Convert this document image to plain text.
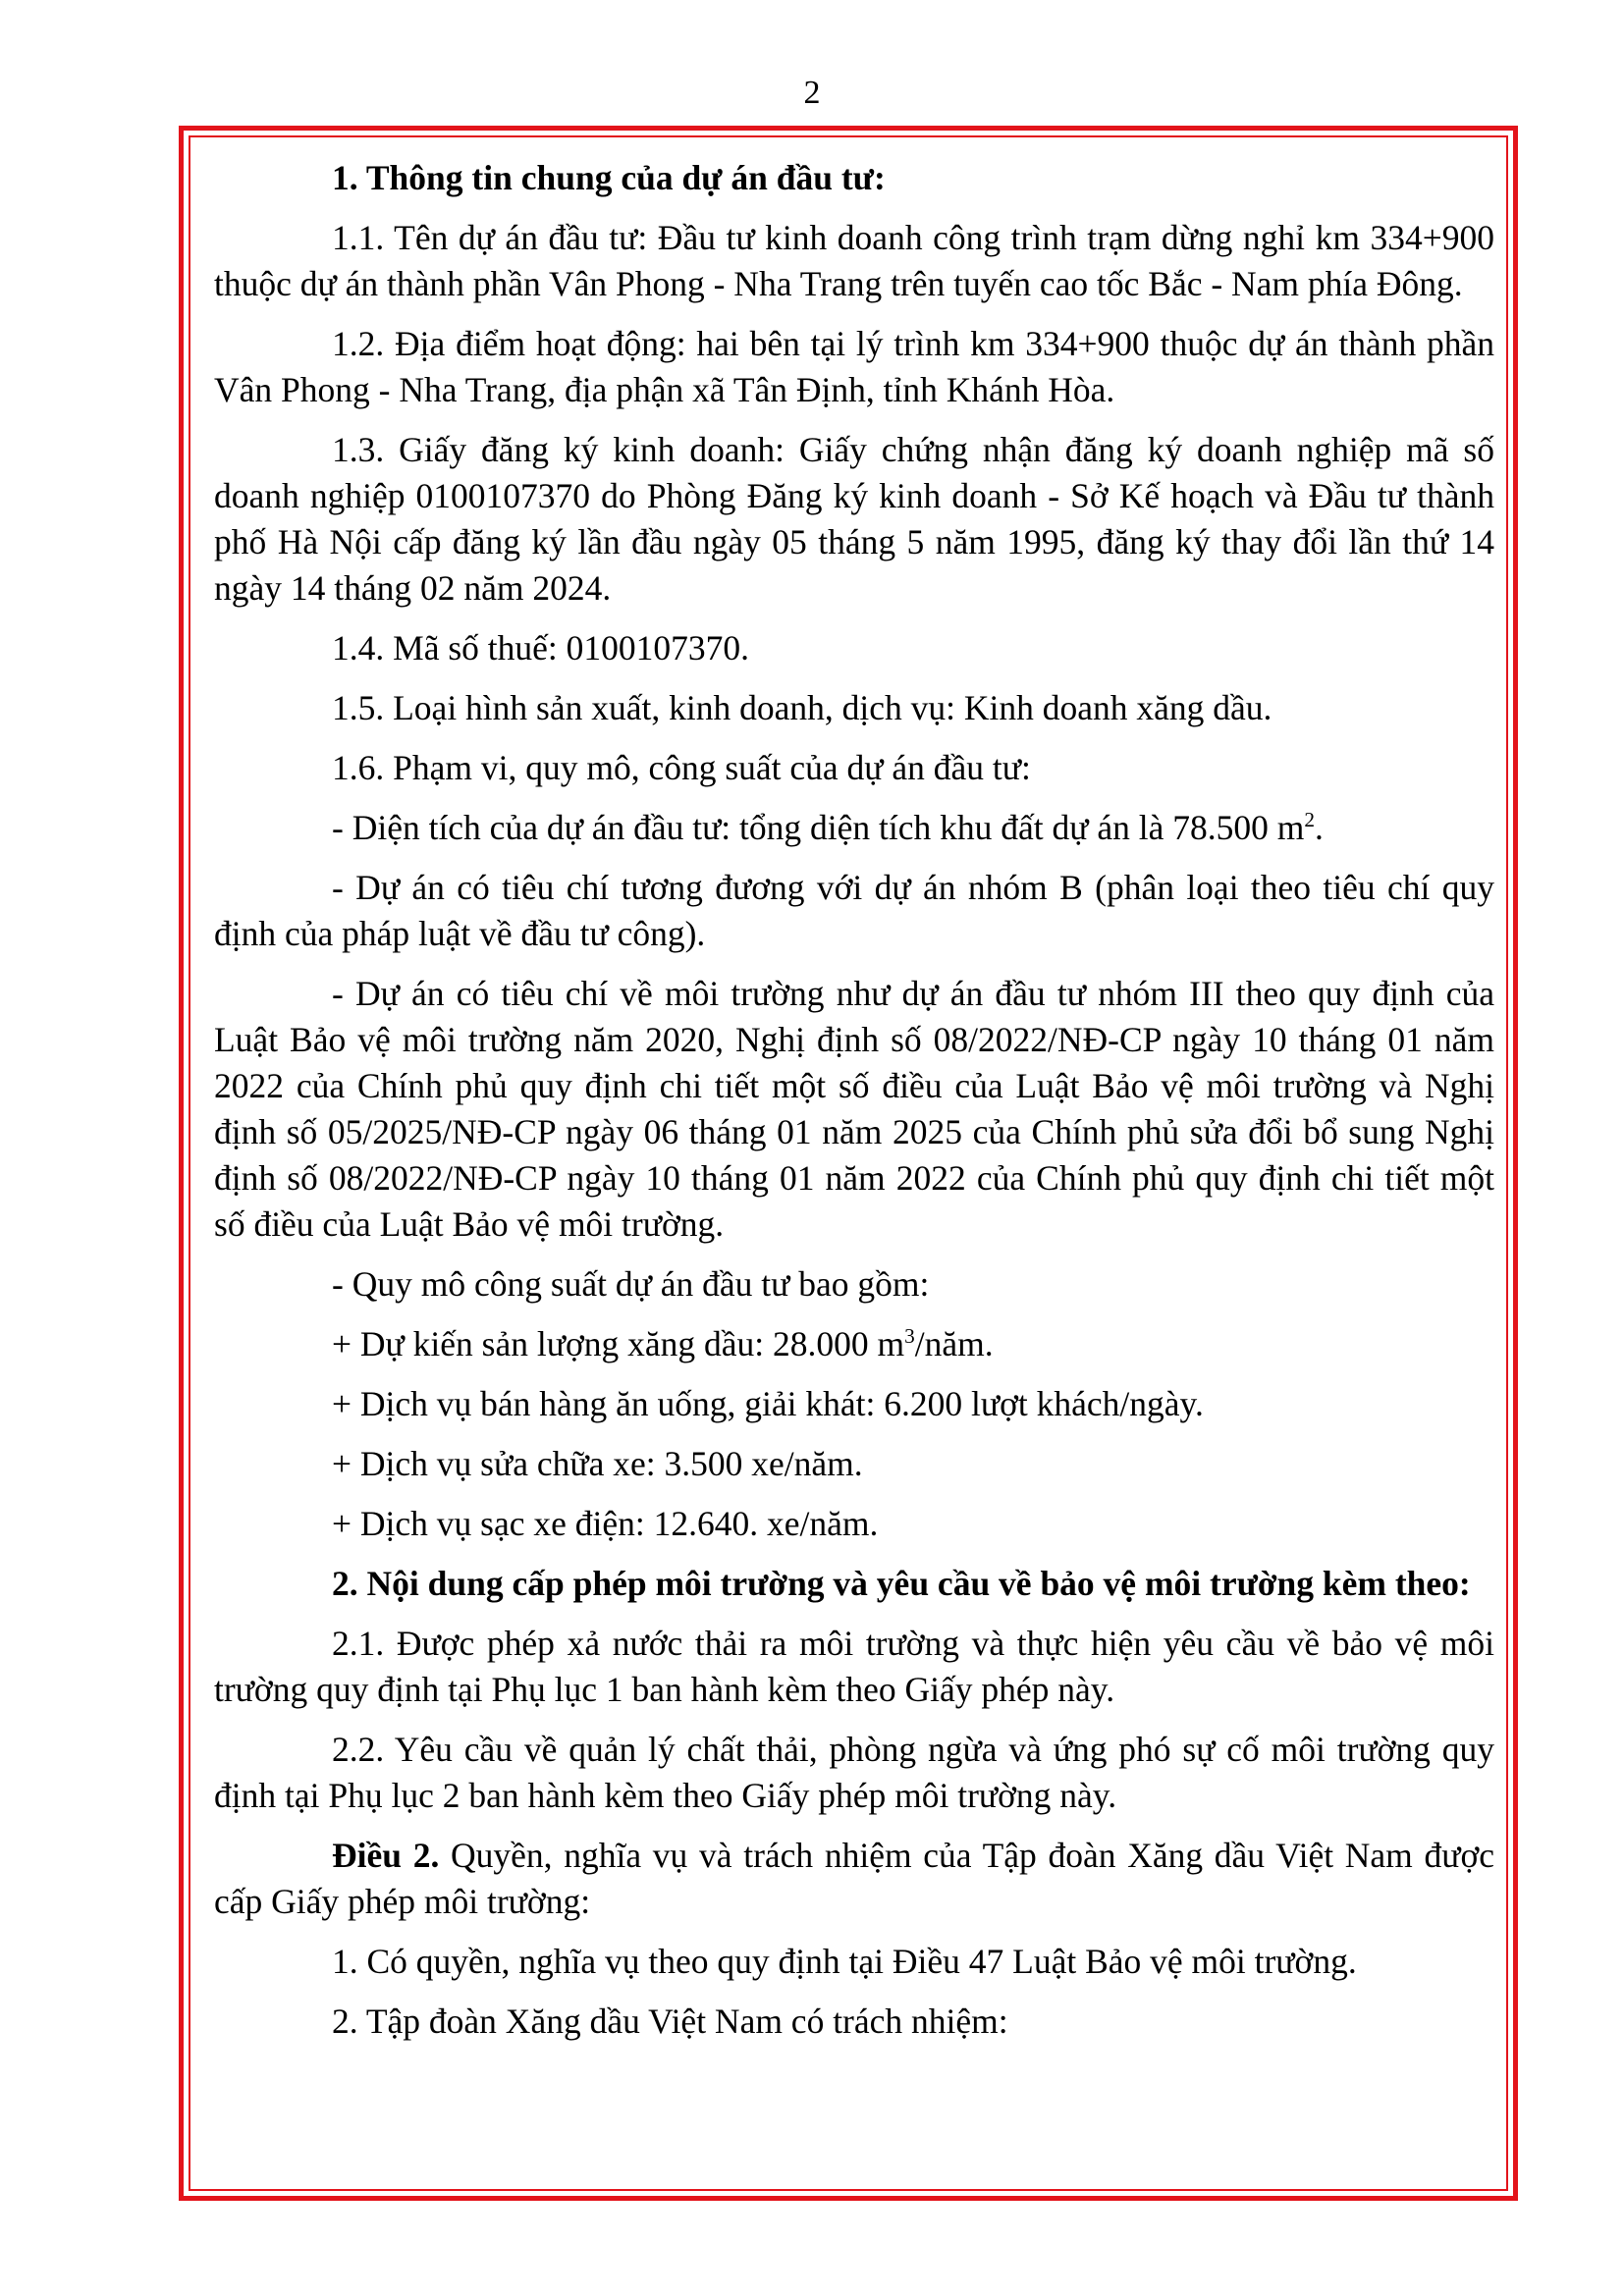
2

1. Thông tin chung của dự án đầu tư:

1.1. Tên dự án đầu tư: Đầu tư kinh doanh công trình trạm dừng nghỉ km 334+900 thuộc dự án thành phần Vân Phong - Nha Trang trên tuyến cao tốc Bắc - Nam phía Đông.

1.2. Địa điểm hoạt động: hai bên tại lý trình km 334+900 thuộc dự án thành phần Vân Phong - Nha Trang, địa phận xã Tân Định, tỉnh Khánh Hòa.

1.3. Giấy đăng ký kinh doanh: Giấy chứng nhận đăng ký doanh nghiệp mã số doanh nghiệp 0100107370 do Phòng Đăng ký kinh doanh - Sở Kế hoạch và Đầu tư thành phố Hà Nội cấp đăng ký lần đầu ngày 05 tháng 5 năm 1995, đăng ký thay đổi lần thứ 14 ngày 14 tháng 02 năm 2024.

1.4. Mã số thuế: 0100107370.

1.5. Loại hình sản xuất, kinh doanh, dịch vụ: Kinh doanh xăng dầu.

1.6. Phạm vi, quy mô, công suất của dự án đầu tư:

- Diện tích của dự án đầu tư: tổng diện tích khu đất dự án là 78.500 $m^2$.

- Dự án có tiêu chí tương đương với dự án nhóm B (phân loại theo tiêu chí quy định của pháp luật về đầu tư công).

- Dự án có tiêu chí về môi trường như dự án đầu tư nhóm III theo quy định của Luật Bảo vệ môi trường năm 2020, Nghị định số 08/2022/NĐ-CP ngày 10 tháng 01 năm 2022 của Chính phủ quy định chi tiết một số điều của Luật Bảo vệ môi trường và Nghị định số 05/2025/NĐ-CP ngày 06 tháng 01 năm 2025 của Chính phủ sửa đổi bổ sung Nghị định số 08/2022/NĐ-CP ngày 10 tháng 01 năm 2022 của Chính phủ quy định chi tiết một số điều của Luật Bảo vệ môi trường.

- Quy mô công suất dự án đầu tư bao gồm:

+ Dự kiến sản lượng xăng dầu: 28.000 $m^3$/năm.

+ Dịch vụ bán hàng ăn uống, giải khát: 6.200 lượt khách/ngày.

+ Dịch vụ sửa chữa xe: 3.500 xe/năm.

+ Dịch vụ sạc xe điện: 12.640. xe/năm.

2. Nội dung cấp phép môi trường và yêu cầu về bảo vệ môi trường kèm theo:

2.1. Được phép xả nước thải ra môi trường và thực hiện yêu cầu về bảo vệ môi trường quy định tại Phụ lục 1 ban hành kèm theo Giấy phép này.

2.2. Yêu cầu về quản lý chất thải, phòng ngừa và ứng phó sự cố môi trường quy định tại Phụ lục 2 ban hành kèm theo Giấy phép môi trường này.

Điều 2. Quyền, nghĩa vụ và trách nhiệm của Tập đoàn Xăng dầu Việt Nam được cấp Giấy phép môi trường:

1. Có quyền, nghĩa vụ theo quy định tại Điều 47 Luật Bảo vệ môi trường.

2. Tập đoàn Xăng dầu Việt Nam có trách nhiệm:
